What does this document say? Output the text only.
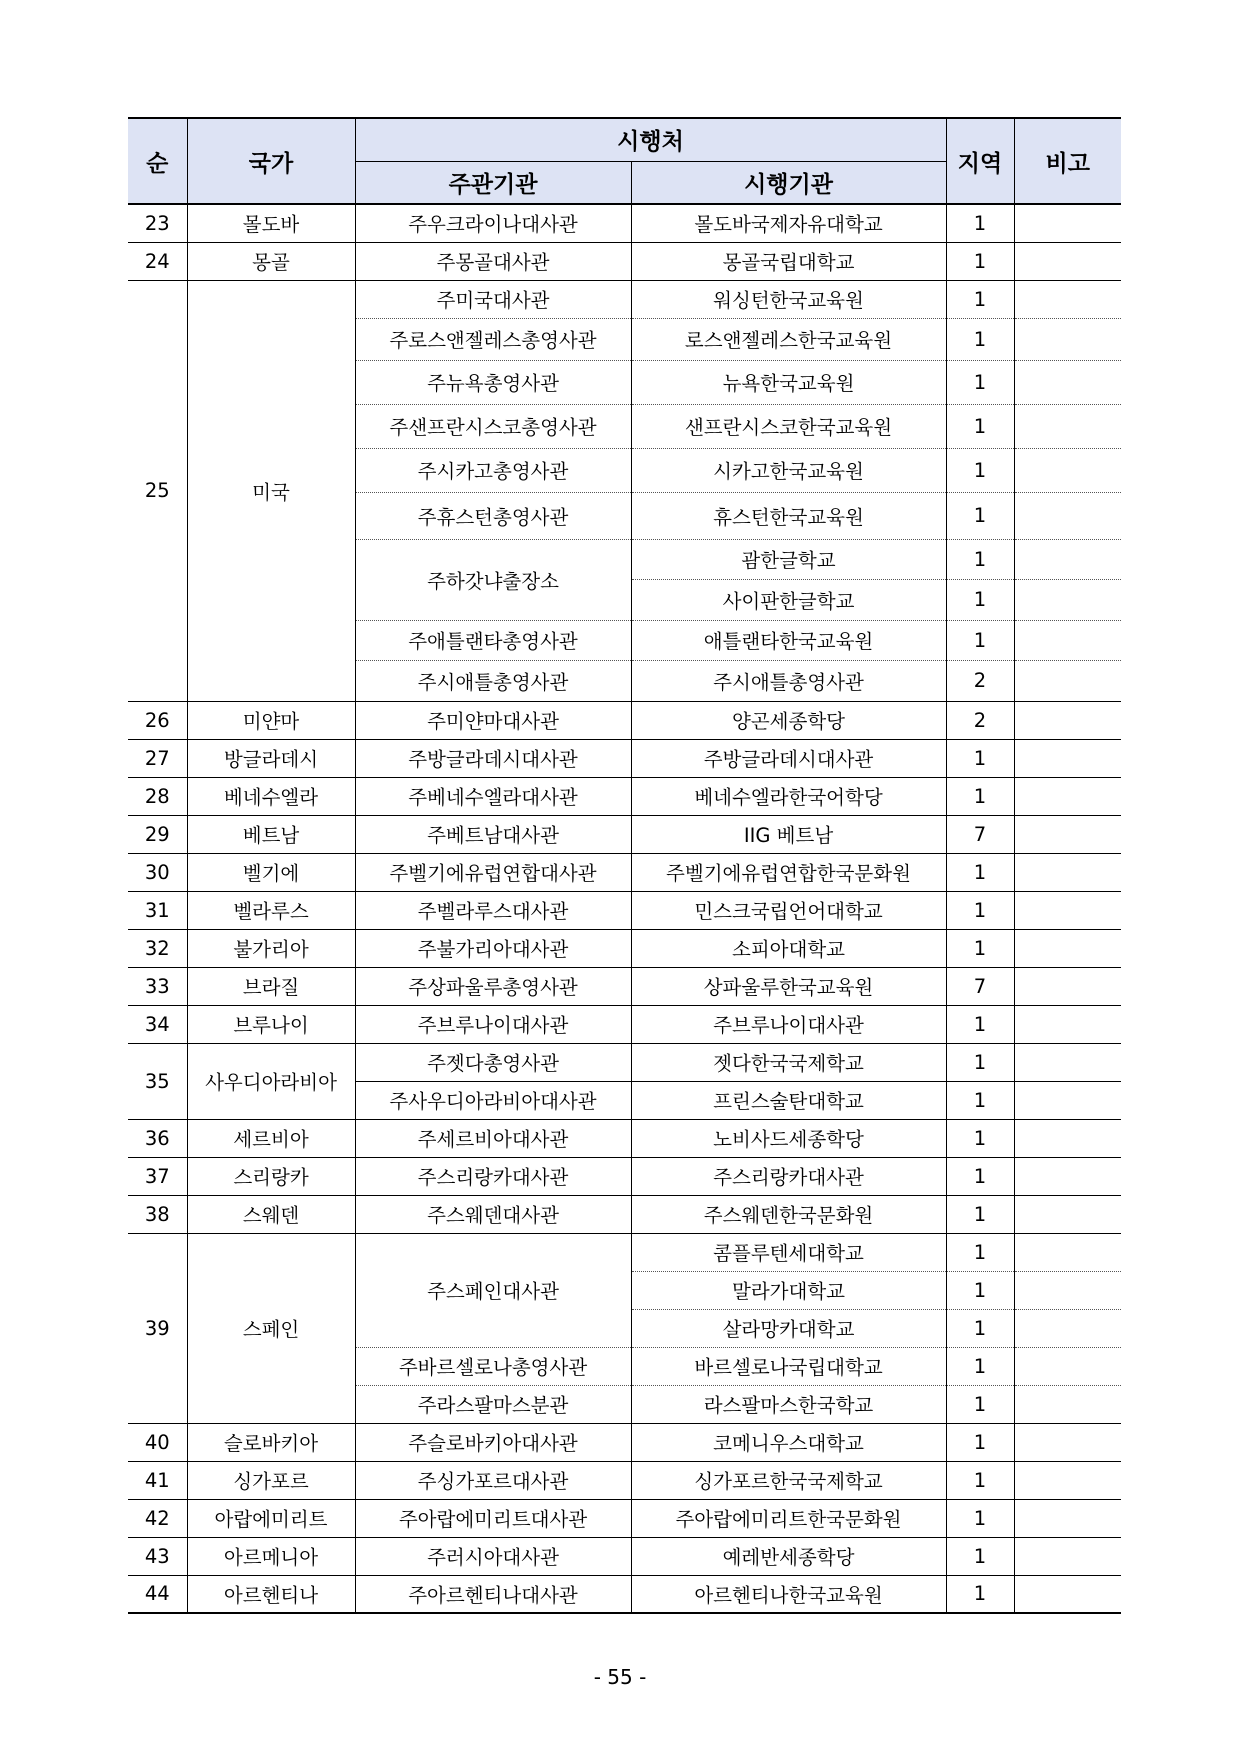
순	국가	시행처		지역	비고
		주관기관	시행기관		
23	몰도바	주우크라이나대사관	몰도바국제자유대학교	1	
24	몽골	주몽골대사관	몽골국립대학교	1	
25	미국	주미국대사관	워싱턴한국교육원	1	
		주로스앤젤레스총영사관	로스앤젤레스한국교육원	1	
		주뉴욕총영사관	뉴욕한국교육원	1	
		주샌프란시스코총영사관	샌프란시스코한국교육원	1	
		주시카고총영사관	시카고한국교육원	1	
		주휴스턴총영사관	휴스턴한국교육원	1	
		주하갓냐출장소	괌한글학교	1	
			사이판한글학교	1	
		주애틀랜타총영사관	애틀랜타한국교육원	1	
		주시애틀총영사관	주시애틀총영사관	2	
26	미얀마	주미얀마대사관	양곤세종학당	2	
27	방글라데시	주방글라데시대사관	주방글라데시대사관	1	
28	베네수엘라	주베네수엘라대사관	베네수엘라한국어학당	1	
29	베트남	주베트남대사관	IIG 베트남	7	
30	벨기에	주벨기에유럽연합대사관	주벨기에유럽연합한국문화원	1	
31	벨라루스	주벨라루스대사관	민스크국립언어대학교	1	
32	불가리아	주불가리아대사관	소피아대학교	1	
33	브라질	주상파울루총영사관	상파울루한국교육원	7	
34	브루나이	주브루나이대사관	주브루나이대사관	1	
35	사우디아라비아	주젯다총영사관	젯다한국국제학교	1	
		주사우디아라비아대사관	프린스술탄대학교	1	
36	세르비아	주세르비아대사관	노비사드세종학당	1	
37	스리랑카	주스리랑카대사관	주스리랑카대사관	1	
38	스웨덴	주스웨덴대사관	주스웨덴한국문화원	1	
39	스페인	주스페인대사관	콤플루텐세대학교	1	
			말라가대학교	1	
			살라망카대학교	1	
		주바르셀로나총영사관	바르셀로나국립대학교	1	
		주라스팔마스분관	라스팔마스한국학교	1	
40	슬로바키아	주슬로바키아대사관	코메니우스대학교	1	
41	싱가포르	주싱가포르대사관	싱가포르한국국제학교	1	
42	아랍에미리트	주아랍에미리트대사관	주아랍에미리트한국문화원	1	
43	아르메니아	주러시아대사관	예레반세종학당	1	
44	아르헨티나	주아르헨티나대사관	아르헨티나한국교육원	1	
- 55 -
